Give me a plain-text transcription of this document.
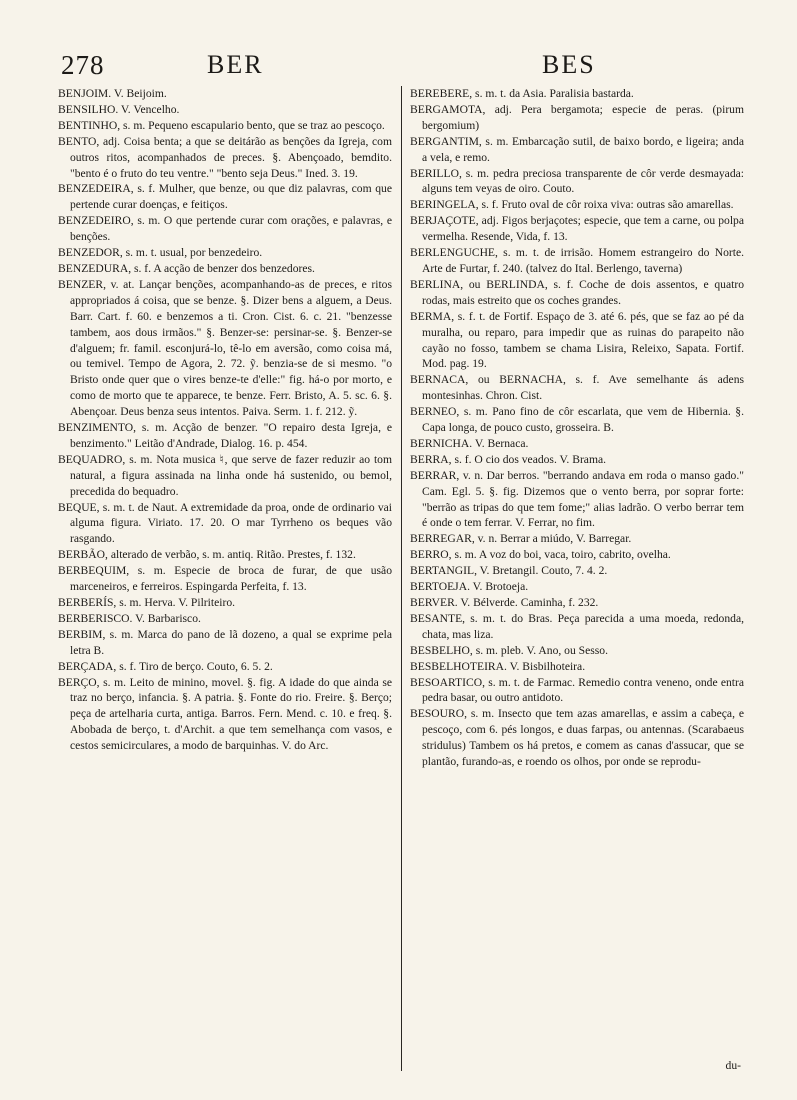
278	BER	BES

BENJOIM. V. Beijoim.

BENSILHO. V. Vencelho.

BENTINHO, s. m. Pequeno escapulario bento, que se traz ao pescoço.

BENTO, adj. Coisa benta; a que se deitárão as benções da Igreja, com outros ritos, acompanhados de preces. §. Abençoado, bemdito. "bento é o fruto do teu ventre." "bento seja Deus." Ined. 3. 19.

BENZEDEIRA, s. f. Mulher, que benze, ou que diz palavras, com que pertende curar doenças, e feitiços.

BENZEDEIRO, s. m. O que pertende curar com orações, e palavras, e benções.

BENZEDOR, s. m. t. usual, por benzedeiro.

BENZEDURA, s. f. A acção de benzer dos benzedores.

BENZER, v. at. Lançar benções, acompanhando-as de preces, e ritos appropriados á coisa, que se benze. §. Dizer bens a alguem, a Deus. Barr. Cart. f. 60. e benzemos a ti. Cron. Cist. 6. c. 21. "benzesse tambem, aos dous irmãos." §. Benzer-se: persinar-se. §. Benzer-se d'alguem; fr. famil. esconjurá-lo, tê-lo em aversão, como coisa má, ou temivel. Tempo de Agora, 2. 72. ỹ. benzia-se de si mesmo. "o Bristo onde quer que o vires benze-te d'elle:" fig. há-o por morto, e como de morto que te apparece, te benze. Ferr. Bristo, A. 5. sc. 6. §. Abençoar. Deus benza seus intentos. Paiva. Serm. 1. f. 212. ỹ.

BENZIMENTO, s. m. Acção de benzer. "O repairo desta Igreja, e benzimento." Leitão d'Andrade, Dialog. 16. p. 454.

BEQUADRO, s. m. Nota musica ♮, que serve de fazer reduzir ao tom natural, a figura assinada na linha onde há sustenido, ou bemol, precedida do bequadro.

BEQUE, s. m. t. de Naut. A extremidade da proa, onde de ordinario vai alguma figura. Viriato. 17. 20. O mar Tyrrheno os beques vão rasgando.

BERBÃO, alterado de verbão, s. m. antiq. Ritão. Prestes, f. 132.

BERBEQUIM, s. m. Especie de broca de furar, de que usão marceneiros, e ferreiros. Espingarda Perfeita, f. 13.

BERBERÍS, s. m. Herva. V. Pilriteiro.

BERBERISCO. V. Barbarisco.

BERBIM, s. m. Marca do pano de lã dozeno, a qual se exprime pela letra B.

BERÇADA, s. f. Tiro de berço. Couto, 6. 5. 2.

BERÇO, s. m. Leito de minino, movel. §. fig. A idade do que ainda se traz no berço, infancia. §. A patria. §. Fonte do rio. Freire. §. Berço; peça de artelharia curta, antiga. Barros. Fern. Mend. c. 10. e freq. §. Abobada de berço, t. d'Archit. a que tem semelhança com vasos, e cestos semicirculares, a modo de barquinhas. V. do Arc.

BEREBERE, s. m. t. da Asia. Paralisia bastarda.

BERGAMOTA, adj. Pera bergamota; especie de peras. (pirum bergomium)

BERGANTIM, s. m. Embarcação sutil, de baixo bordo, e ligeira; anda a vela, e remo.

BERILLO, s. m. pedra preciosa transparente de côr verde desmayada: alguns tem veyas de oiro. Couto.

BERINGELA, s. f. Fruto oval de côr roixa viva: outras são amarellas.

BERJAÇOTE, adj. Figos berjaçotes; especie, que tem a carne, ou polpa vermelha. Resende, Vida, f. 13.

BERLENGUCHE, s. m. t. de irrisão. Homem estrangeiro do Norte. Arte de Furtar, f. 240. (talvez do Ital. Berlengo, taverna)

BERLINA, ou BERLINDA, s. f. Coche de dois assentos, e quatro rodas, mais estreito que os coches grandes.

BERMA, s. f. t. de Fortif. Espaço de 3. até 6. pés, que se faz ao pé da muralha, ou reparo, para impedir que as ruinas do parapeito não cayão no fosso, tambem se chama Lisira, Releixo, Sapata. Fortif. Mod. pag. 19.

BERNACA, ou BERNACHA, s. f. Ave semelhante ás adens montesinhas. Chron. Cist.

BERNEO, s. m. Pano fino de côr escarlata, que vem de Hibernia. §. Capa longa, de pouco custo, grosseira. B.

BERNICHA. V. Bernaca.

BERRA, s. f. O cio dos veados. V. Brama.

BERRAR, v. n. Dar berros. "berrando andava em roda o manso gado." Cam. Egl. 5. §. fig. Dizemos que o vento berra, por soprar forte: "berrão as tripas do que tem fome;" alias ladrão. O verbo berrar tem é onde o tem ferrar. V. Ferrar, no fim.

BERREGAR, v. n. Berrar a miúdo, V. Barregar.

BERRO, s. m. A voz do boi, vaca, toiro, cabrito, ovelha.

BERTANGIL, V. Bretangil. Couto, 7. 4. 2.

BERTOEJA. V. Brotoeja.

BERVER. V. Bélverde. Caminha, f. 232.

BESANTE, s. m. t. do Bras. Peça parecida a uma moeda, redonda, chata, mas liza.

BESBELHO, s. m. pleb. V. Ano, ou Sesso.

BESBELHOTEIRA. V. Bisbilhoteira.

BESOARTICO, s. m. t. de Farmac. Remedio contra veneno, onde entra pedra basar, ou outro antidoto.

BESOURO, s. m. Insecto que tem azas amarellas, e assim a cabeça, e pescoço, com 6. pés longos, e duas farpas, ou antennas. (Scarabaeus stridulus) Tambem os há pretos, e comem as canas d'assucar, que se plantão, furando-as, e roendo os olhos, por onde se reprodu-

du-
